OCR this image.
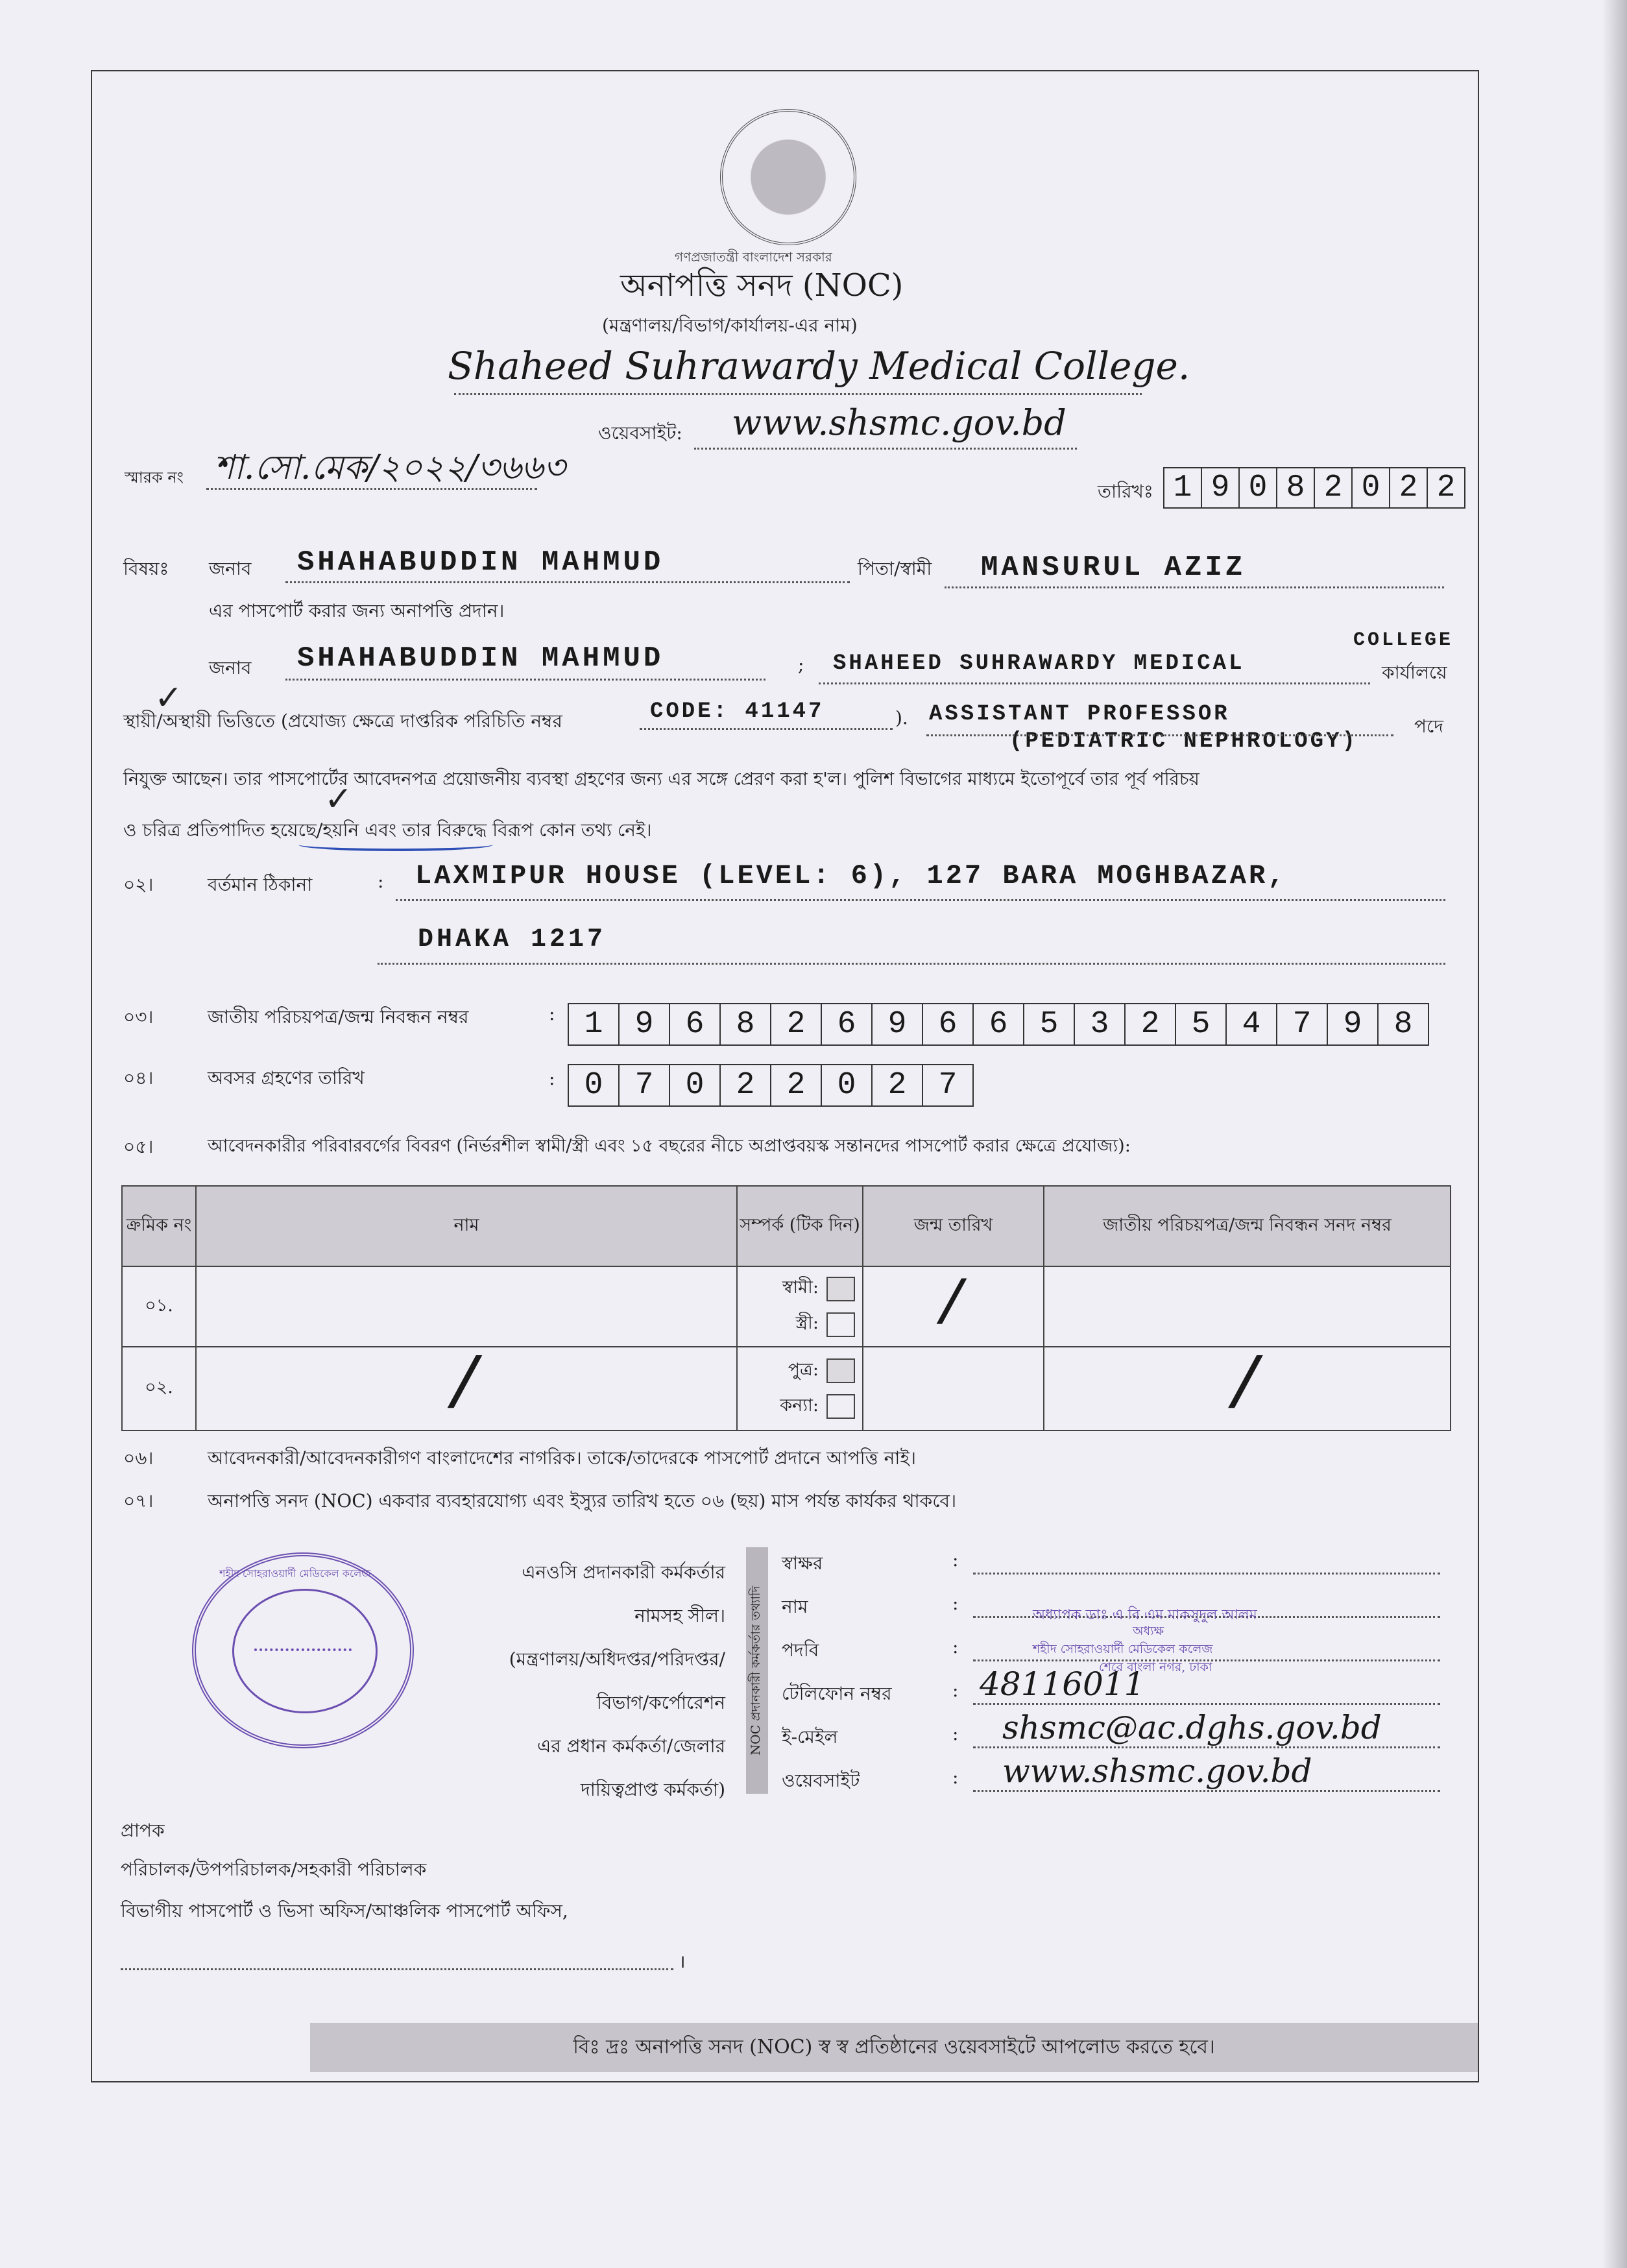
গণপ্রজাতন্ত্রী বাংলাদেশ সরকার
অনাপত্তি সনদ (NOC)
(মন্ত্রণালয়/বিভাগ/কার্যালয়-এর নাম)
Shaheed Suhrawardy Medical College.
ওয়েবসাইট: www.shsmc.gov.bd
স্মারক নং শা.সো.মেক/২০২২/৩৬৬৩
তারিখঃ 1 9 0 8 2 0 2 2
বিষয়ঃ জনাব SHAHABUDDIN MAHMUD	পিতা/স্বামী MANSURUL AZIZ
এর পাসপোর্ট করার জন্য অনাপত্তি প্রদান।
জনাব SHAHABUDDIN MAHMUD	; SHAHEED SUHRAWARDY MEDICAL
COLLEGE
কার্যালয়ে
✓
স্থায়ী/অস্থায়ী ভিত্তিতে (প্রযোজ্য ক্ষেত্রে দাপ্তরিক পরিচিতি নম্বর	CODE: 41147	). ASSISTANT PROFESSOR
(PEDIATRIC NEPHROLOGY)
পদে
নিযুক্ত আছেন। তার পাসপোর্টের আবেদনপত্র প্রয়োজনীয় ব্যবস্থা গ্রহণের জন্য এর সঙ্গে প্রেরণ করা হ'ল। পুলিশ বিভাগের মাধ্যমে ইতোপূর্বে তার পূর্ব পরিচয়
✓
ও চরিত্র প্রতিপাদিত হয়েছে/হয়নি এবং তার বিরুদ্ধে বিরূপ কোন তথ্য নেই।
০২।	বর্তমান ঠিকানা	: LAXMIPUR HOUSE (LEVEL: 6), 127 BARA MOGHBAZAR,
DHAKA 1217
০৩।	জাতীয় পরিচয়পত্র/জন্ম নিবন্ধন নম্বর	: 1	9	6	8	2	6	9	6	6	5	3	2	5	4	7	9	8
০৪।	অবসর গ্রহণের তারিখ	: 0	7	0	2	2	0	2	7
০৫।	আবেদনকারীর পরিবারবর্গের বিবরণ (নির্ভরশীল স্বামী/স্ত্রী এবং ১৫ বছরের নীচে অপ্রাপ্তবয়স্ক সন্তানদের পাসপোর্ট করার ক্ষেত্রে প্রযোজ্য):
ক্রমিক নং	নাম	সম্পর্ক (টিক দিন)	জন্ম তারিখ	জাতীয় পরিচয়পত্র/জন্ম নিবন্ধন সনদ নম্বর
০১.		স্বামী:
স্ত্রী:	/	
০২.	/	পুত্র:
কন্যা:		/
০৬।	আবেদনকারী/আবেদনকারীগণ বাংলাদেশের নাগরিক। তাকে/তাদেরকে পাসপোর্ট প্রদানে আপত্তি নাই।
০৭।	অনাপত্তি সনদ (NOC) একবার ব্যবহারযোগ্য এবং ইস্যুর তারিখ হতে ০৬ (ছয়) মাস পর্যন্ত কার্যকর থাকবে।
শহীদ সোহরাওয়ার্দী মেডিকেল কলেজ	এনওসি প্রদানকারী কর্মকর্তার
নামসহ সীল।
(মন্ত্রণালয়/অধিদপ্তর/পরিদপ্তর/
বিভাগ/কর্পোরেশন
এর প্রধান কর্মকর্তা/জেলার
দায়িত্বপ্রাপ্ত কর্মকর্তা)
NOC প্রদানকারী কর্মকর্তার তথ্যাদি
স্বাক্ষর	:
নাম	:
পদবি	:
টেলিফোন নম্বর	: 48116011
ই-মেইল	: shsmc@ac.dghs.gov.bd
ওয়েবসাইট	: www.shsmc.gov.bd
অধ্যাপক ডাঃ এ বি এম মাকসুদুল আলম
অধ্যক্ষ
শহীদ সোহরাওয়ার্দী মেডিকেল কলেজ
শেরে বাংলা নগর, ঢাকা
প্রাপক
পরিচালক/উপপরিচালক/সহকারী পরিচালক
বিভাগীয় পাসপোর্ট ও ভিসা অফিস/আঞ্চলিক পাসপোর্ট অফিস,
।
বিঃ দ্রঃ অনাপত্তি সনদ (NOC) স্ব স্ব প্রতিষ্ঠানের ওয়েবসাইটে আপলোড করতে হবে।
